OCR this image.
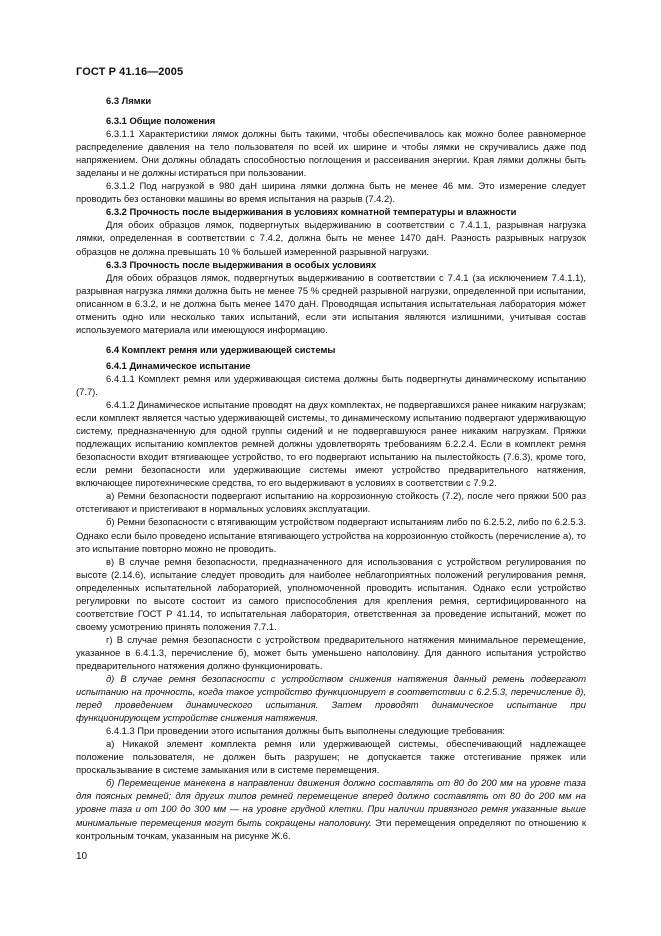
ГОСТ Р 41.16—2005

6.3 Лямки

6.3.1 Общие положения

6.3.1.1 Характеристики лямок должны быть такими, чтобы обеспечивалось как можно более равномерное распределение давления на тело пользователя по всей их ширине и чтобы лямки не скручивались даже под напряжением. Они должны обладать способностью поглощения и рассеивания энергии. Края лямки должны быть заделаны и не должны истираться при пользовании.

6.3.1.2 Под нагрузкой в 980 даН ширина лямки должна быть не менее 46 мм. Это измерение следует проводить без остановки машины во время испытания на разрыв (7.4.2).

6.3.2 Прочность после выдерживания в условиях комнатной температуры и влажности

Для обоих образцов лямок, подвергнутых выдерживанию в соответствии с 7.4.1.1, разрывная нагрузка лямки, определенная в соответствии с 7.4.2, должна быть не менее 1470 даН. Разность разрывных нагрузок образцов не должна превышать 10 % большей измеренной разрывной нагрузки.

6.3.3 Прочность после выдерживания в особых условиях

Для обоих образцов лямок, подвергнутых выдерживанию в соответствии с 7.4.1 (за исключением 7.4.1.1), разрывная нагрузка лямки должна быть не менее 75 % средней разрывной нагрузки, определенной при испытании, описанном в 6.3.2, и не должна быть менее 1470 даН. Проводящая испытания испытательная лаборатория может отменить одно или несколько таких испытаний, если эти испытания являются излишними, учитывая состав используемого материала или имеющуюся информацию.

6.4 Комплект ремня или удерживающей системы

6.4.1 Динамическое испытание

6.4.1.1 Комплект ремня или удерживающая система должны быть подвергнуты динамическому испытанию (7.7).

6.4.1.2 Динамическое испытание проводят на двух комплектах, не подвергавшихся ранее никаким нагрузкам; если комплект является частью удерживающей системы, то динамическому испытанию подвергают удерживающую систему, предназначенную для одной группы сидений и не подвергавшуюся ранее никаким нагрузкам. Пряжки подлежащих испытанию комплектов ремней должны удовлетворять требованиям 6.2.2.4. Если в комплект ремня безопасности входит втягивающее устройство, то его подвергают испытанию на пылестойкость (7.6.3), кроме того, если ремни безопасности или удерживающие системы имеют устройство предварительного натяжения, включающее пиротехнические средства, то его выдерживают в условиях в соответствии с 7.9.2.

а) Ремни безопасности подвергают испытанию на коррозионную стойкость (7.2), после чего пряжки 500 раз отстегивают и пристегивают в нормальных условиях эксплуатации.

б) Ремни безопасности с втягивающим устройством подвергают испытаниям либо по 6.2.5.2, либо по 6.2.5.3. Однако если было проведено испытание втягивающего устройства на коррозионную стойкость (перечисление а), то это испытание повторно можно не проводить.

в) В случае ремня безопасности, предназначенного для использования с устройством регулирования по высоте (2.14.6), испытание следует проводить для наиболее неблагоприятных положений регулирования ремня, определенных испытательной лабораторией, уполномоченной проводить испытания. Однако если устройство регулировки по высоте состоит из самого приспособления для крепления ремня, сертифицированного на соответствие ГОСТ Р 41.14, то испытательная лаборатория, ответственная за проведение испытаний, может по своему усмотрению принять положения 7.7.1.

г) В случае ремня безопасности с устройством предварительного натяжения минимальное перемещение, указанное в 6.4.1.3, перечисление б), может быть уменьшено наполовину. Для данного испытания устройство предварительного натяжения должно функционировать.

д) В случае ремня безопасности с устройством снижения натяжения данный ремень подвергают испытанию на прочность, когда такое устройство функционирует в соответствии с 6.2.5.3, перечисление д), перед проведением динамического испытания. Затем проводят динамическое испытание при функционирующем устройстве снижения натяжения.

6.4.1.3 При проведении этого испытания должны быть выполнены следующие требования:

а) Никакой элемент комплекта ремня или удерживающей системы, обеспечивающий надлежащее положение пользователя, не должен быть разрушен; не допускается также отстегивание пряжек или проскальзывание в системе замыкания или в системе перемещения.

б) Перемещение манекена в направлении движения должно составлять от 80 до 200 мм на уровне таза для поясных ремней; для других типов ремней перемещение вперед должно составлять от 80 до 200 мм на уровне таза и от 100 до 300 мм — на уровне грудной клетки. При наличии привязного ремня указанные выше минимальные перемещения могут быть сокращены наполовину. Эти перемещения определяют по отношению к контрольным точкам, указанным на рисунке Ж.6.

10
